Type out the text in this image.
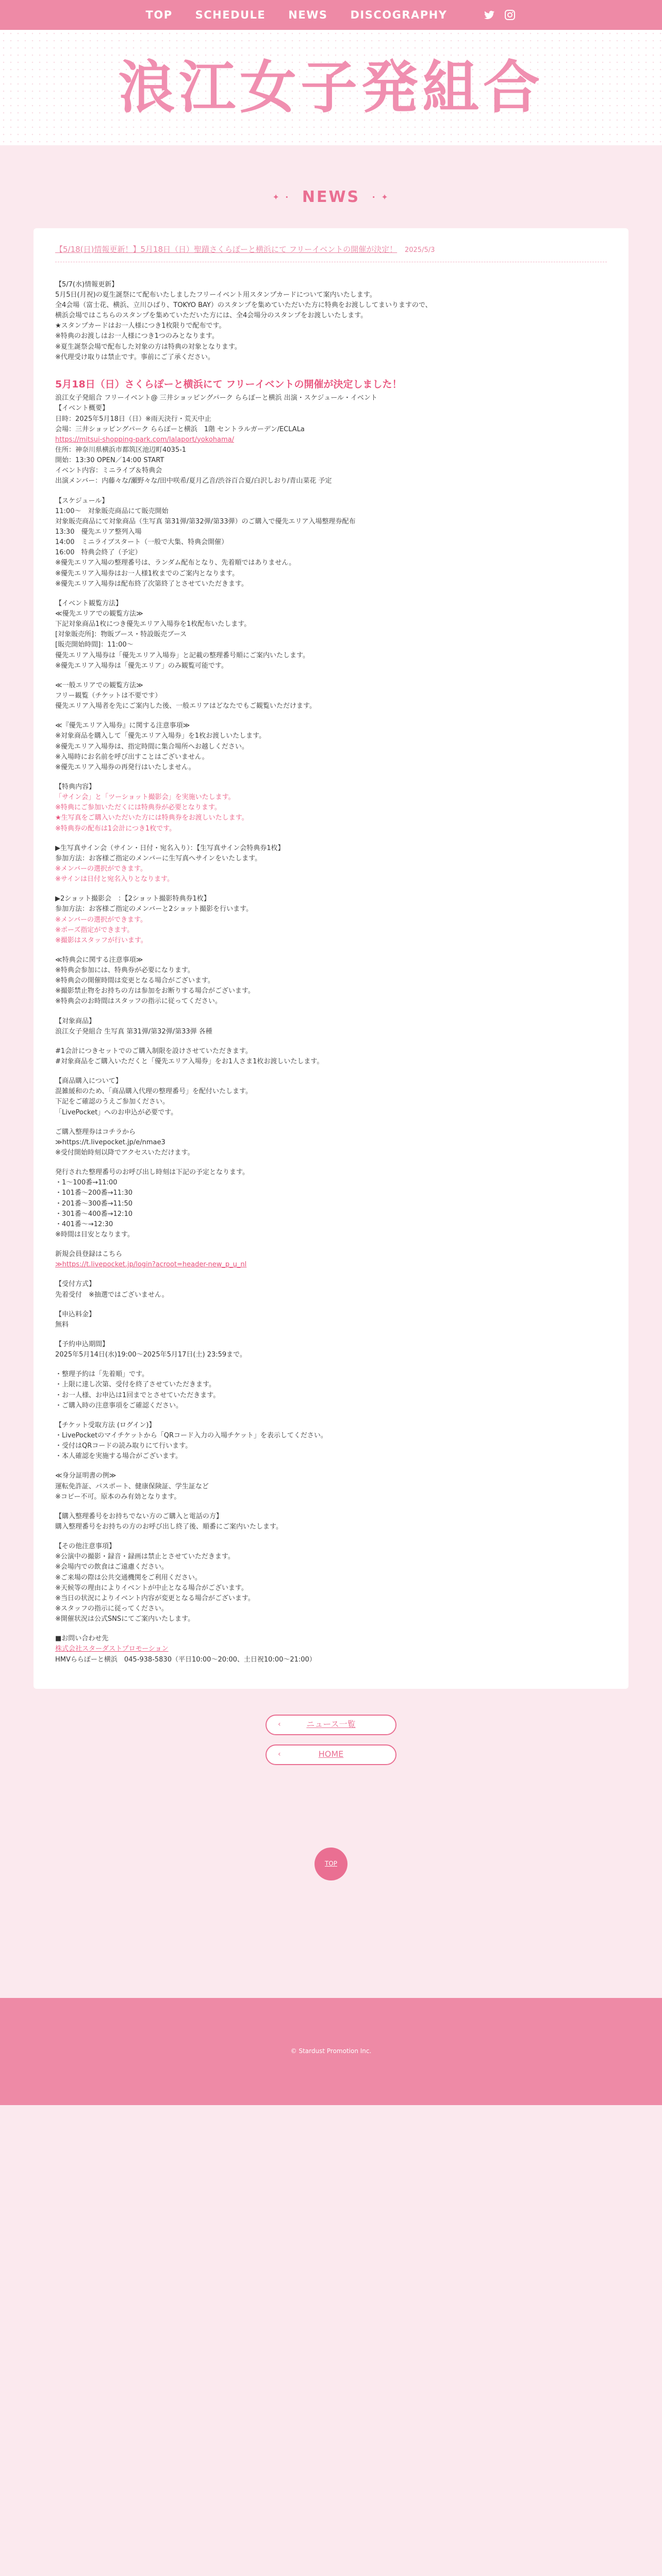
TOP SCHEDULE NEWS DISCOGRAPHY
浪江女子発組合
✦ · NEWS · ✦
【5/18(日)情報更新！】5月18日（日）聖蹟さくらぽーと横浜にて フリーイベントの開催が決定！ 2025/5/3

【5/7(水)情報更新】

5月5日(月祝)の夏生誕祭にて配布いたしましたフリーイベント用スタンプカードについて案内いたします。

全4会場（富士花、横浜、立川ひばり、TOKYO BAY）のスタンプを集めていただいた方に特典をお渡ししてまいりますので、

横浜会場ではこちらのスタンプを集めていただいた方には、全4会場分のスタンプをお渡しいたします。

★スタンプカードはお一人様につき1枚限りで配布です。

※特典のお渡しはお一人様につき1つのみとなります。

※夏生誕祭会場で配布した対象の方は特典の対象となります。

※代理受け取りは禁止です。事前にご了承ください。

5月18日（日）さくらぽーと横浜にて フリーイベントの開催が決定しました！

浪江女子発組合 フリーイベント@ 三井ショッピングパーク ららぽーと横浜 出演・スケジュール・イベント

【イベント概要】

日時：2025年5月18日（日）※雨天決行・荒天中止

会場：三井ショッピングパーク ららぽーと横浜　1階 セントラルガーデン/ECLALa

https://mitsui-shopping-park.com/lalaport/yokohama/

住所：神奈川県横浜市都筑区池辺町4035-1

開始：13:30 OPEN／14:00 START

イベント内容：ミニライブ＆特典会

出演メンバー：内藤々な/瀬野々な/田中咲希/夏月乙音/渋谷百合夏/白沢しおり/青山菜花 予定

【スケジュール】

11:00〜　対象販売商品にて販売開始

対象販売商品にて対象商品（生写真 第31弾/第32弾/第33弾）のご購入で優先エリア入場整理券配布

13:30　優先エリア整列入場

14:00　ミニライブスタート（一般で大集、特典会開催）

16:00　特典会終了（予定）

※優先エリア入場の整理番号は、ランダム配布となり、先着順ではありません。

※優先エリア入場券はお一人様1枚までのご案内となります。

※優先エリア入場券は配布終了次第終了とさせていただきます。

【イベント観覧方法】

≪優先エリアでの観覧方法≫

下記対象商品1枚につき優先エリア入場券を1枚配布いたします。

[対象販売所]：物販ブース・特設販売ブース

[販売開始時間]：11:00〜

優先エリア入場券は「優先エリア入場券」と記載の整理番号順にご案内いたします。

※優先エリア入場券は「優先エリア」のみ観覧可能です。

≪一般エリアでの観覧方法≫

フリー観覧（チケットは不要です）

優先エリア入場者を先にご案内した後、一般エリアはどなたでもご観覧いただけます。

≪『優先エリア入場券』に関する注意事項≫

※対象商品を購入して「優先エリア入場券」を1枚お渡しいたします。

※優先エリア入場券は、指定時間に集合場所へお越しください。

※入場時にお名前を呼び出すことはございません。

※優先エリア入場券の再発行はいたしません。

【特典内容】

「サイン会」と「ツーショット撮影会」を実施いたします。

※特典にご参加いただくには特典券が必要となります。

★生写真をご購入いただいた方には特典券をお渡しいたします。

※特典券の配布は1会計につき1枚です。

▶生写真サイン会（サイン・日付・宛名入り）：【生写真サイン会特典券1枚】

参加方法：お客様ご指定のメンバーに生写真へサインをいたします。

※メンバーの選択ができます。

※サインは日付と宛名入りとなります。

▶2ショット撮影会　：【2ショット撮影特典券1枚】

参加方法：お客様ご指定のメンバーと2ショット撮影を行います。

※メンバーの選択ができます。

※ポーズ指定ができます。

※撮影はスタッフが行います。

≪特典会に関する注意事項≫

※特典会参加には、特典券が必要になります。

※特典会の開催時間は変更となる場合がございます。

※撮影禁止物をお持ちの方は参加をお断りする場合がございます。

※特典会のお時間はスタッフの指示に従ってください。

【対象商品】

浪江女子発組合 生写真 第31弾/第32弾/第33弾 各種

#1会計につきセットでのご購入制限を設けさせていただきます。

#対象商品をご購入いただくと「優先エリア入場券」をお1人さま1枚お渡しいたします。

【商品購入について】

混雑緩和のため、「商品購入代理の整理番号」を配付いたします。

下記をご確認のうえご参加ください。

「LivePocket」へのお申込が必要です。

ご購入整理券はコチラから

≫https://t.livepocket.jp/e/nmae3

※受付開始時刻以降でアクセスいただけます。

発行された整理番号のお呼び出し時刻は下記の予定となります。

・1〜100番→11:00

・101番〜200番→11:30

・201番〜300番→11:50

・301番〜400番→12:10

・401番〜→12:30

※時間は目安となります。

新規会員登録はこちら

≫https://t.livepocket.jp/login?acroot=header-new_p_u_nl

【受付方式】

先着受付　※抽選ではございません。

【申込料金】

無料

【予約申込期間】

2025年5月14日(水)19:00〜2025年5月17日(土) 23:59まで。

・整理予約は「先着順」です。

・上限に達し次第、受付を終了させていただきます。

・お一人様、お申込は1回までとさせていただきます。

・ご購入時の注意事項をご確認ください。

【チケット受取方法 (ログイン)】

・LivePocketのマイチケットから「QRコード入力の入場チケット」を表示してください。

・受付はQRコードの読み取りにて行います。

・本人確認を実施する場合がございます。

≪身分証明書の例≫

運転免許証、パスポート、健康保険証、学生証など

※コピー不可。原本のみ有効となります。

【購入整理番号をお持ちでない方のご購入と電話の方】

購入整理番号をお持ちの方のお呼び出し終了後、順番にご案内いたします。

【その他注意事項】

※公演中の撮影・録音・録画は禁止とさせていただきます。

※会場内での飲食はご遠慮ください。

※ご来場の際は公共交通機関をご利用ください。

※天候等の理由によりイベントが中止となる場合がございます。

※当日の状況によりイベント内容が変更となる場合がございます。

※スタッフの指示に従ってください。

※開催状況は公式SNSにてご案内いたします。

■お問い合わせ先

株式会社スターダストプロモーション

HMVららぽーと横浜　045-938-5830（平日10:00〜20:00、土日祝10:00〜21:00）

‹	ニュース一覧
‹	HOME
TOP
© Stardust Promotion Inc.
